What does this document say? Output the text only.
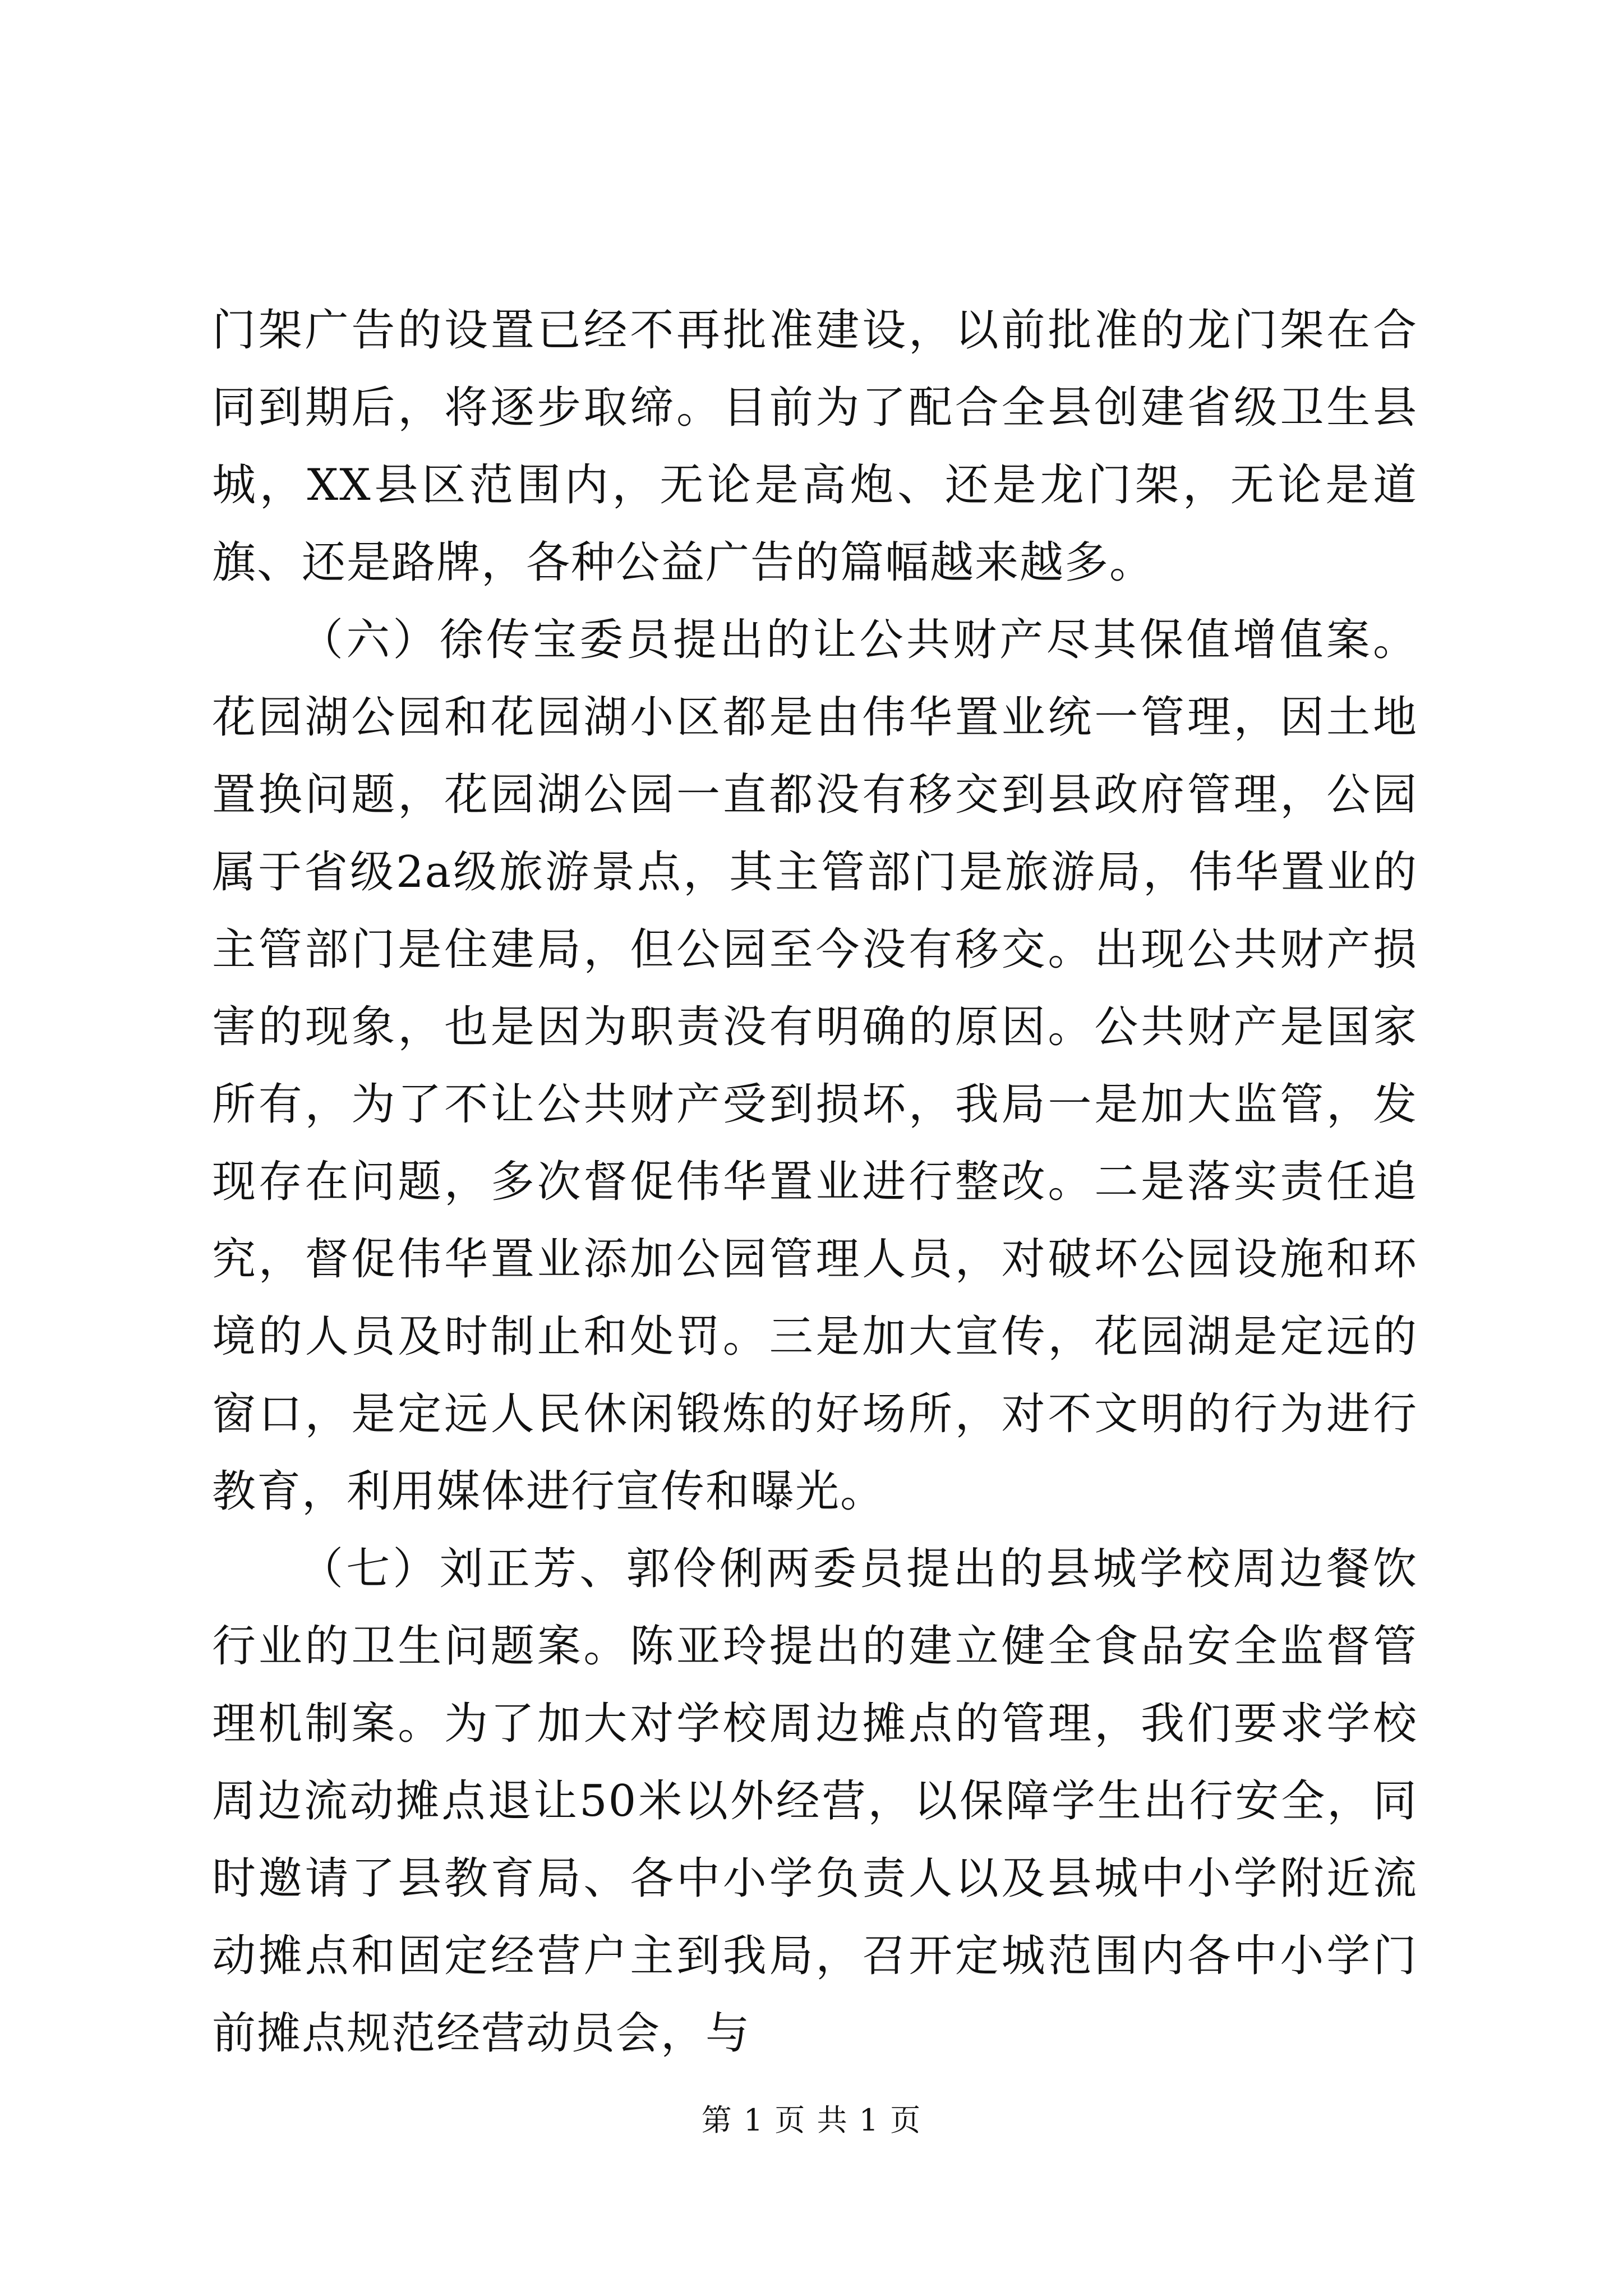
门架广告的设置已经不再批准建设，以前批准的龙门架在合同到期后，将逐步取缔。目前为了配合全县创建省级卫生县城，XX县区范围内，无论是高炮、还是龙门架，无论是道旗、还是路牌，各种公益广告的篇幅越来越多。

（六）徐传宝委员提出的让公共财产尽其保值增值案。花园湖公园和花园湖小区都是由伟华置业统一管理，因土地置换问题，花园湖公园一直都没有移交到县政府管理，公园属于省级2a级旅游景点，其主管部门是旅游局，伟华置业的主管部门是住建局，但公园至今没有移交。出现公共财产损害的现象，也是因为职责没有明确的原因。公共财产是国家所有，为了不让公共财产受到损坏，我局一是加大监管，发现存在问题，多次督促伟华置业进行整改。二是落实责任追究，督促伟华置业添加公园管理人员，对破坏公园设施和环境的人员及时制止和处罚。三是加大宣传，花园湖是定远的窗口，是定远人民休闲锻炼的好场所，对不文明的行为进行教育，利用媒体进行宣传和曝光。

（七）刘正芳、郭伶俐两委员提出的县城学校周边餐饮行业的卫生问题案。陈亚玲提出的建立健全食品安全监督管理机制案。为了加大对学校周边摊点的管理，我们要求学校周边流动摊点退让50米以外经营，以保障学生出行安全，同时邀请了县教育局、各中小学负责人以及县城中小学附近流动摊点和固定经营户主到我局，召开定城范围内各中小学门前摊点规范经营动员会，与

第 1 页 共 1 页
